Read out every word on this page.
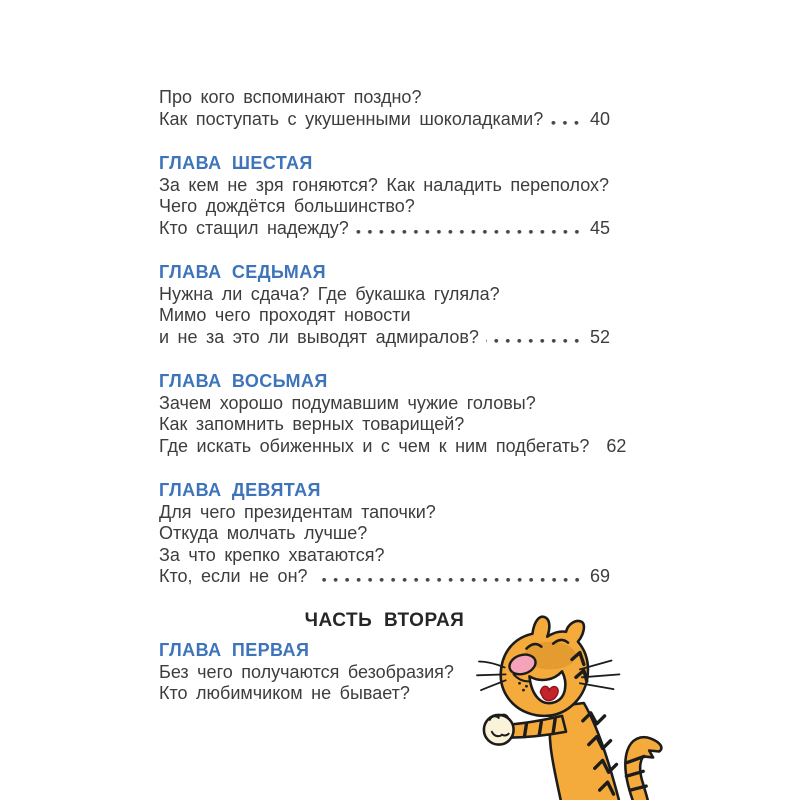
Про кого вспоминают поздно?
Как поступать с укушенными шоколадками?	40
ГЛАВА ШЕСТАЯ
За кем не зря гоняются? Как наладить переполох?
Чего дождётся большинство?
Кто стащил надежду?	45
ГЛАВА СЕДЬМАЯ
Нужна ли сдача? Где букашка гуляла?
Мимо чего проходят новости
и не за это ли выводят адмиралов?	52
ГЛАВА ВОСЬМАЯ
Зачем хорошо подумавшим чужие головы?
Как запомнить верных товарищей?
Где искать обиженных и с чем к ним подбегать? 62
ГЛАВА ДЕВЯТАЯ
Для чего президентам тапочки?
Откуда молчать лучше?
За что крепко хватаются?
Кто, если не он?	69
ЧАСТЬ ВТОРАЯ
ГЛАВА ПЕРВАЯ
Без чего получаются безобразия?
Кто любимчиком не бывает?
